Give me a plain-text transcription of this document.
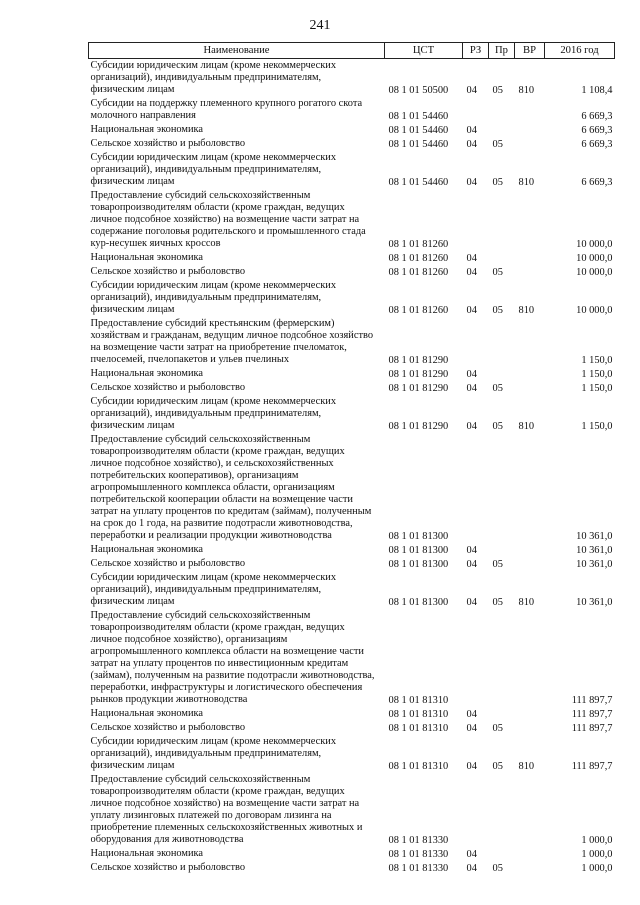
241
Наименование	ЦСТ	РЗ	Пр	ВР	2016 год
Субсидии юридическим лицам (кроме некоммерческих организаций), индивидуальным предпринимателям, физическим лицам	08 1 01 50500	04	05	810	1 108,4
Субсидии на поддержку племенного крупного рогатого скота молочного направления	08 1 01 54460				6 669,3
Национальная экономика	08 1 01 54460	04			6 669,3
Сельское хозяйство и рыболовство	08 1 01 54460	04	05		6 669,3
Субсидии юридическим лицам (кроме некоммерческих организаций), индивидуальным предпринимателям, физическим лицам	08 1 01 54460	04	05	810	6 669,3
Предоставление субсидий сельскохозяйственным товаропроизводителям области (кроме граждан, ведущих личное подсобное хозяйство) на возмещение части затрат на содержание поголовья родительского и промышленного стада кур-несушек яичных кроссов	08 1 01 81260				10 000,0
Национальная экономика	08 1 01 81260	04			10 000,0
Сельское хозяйство и рыболовство	08 1 01 81260	04	05		10 000,0
Субсидии юридическим лицам (кроме некоммерческих организаций), индивидуальным предпринимателям, физическим лицам	08 1 01 81260	04	05	810	10 000,0
Предоставление субсидий крестьянским (фермерским) хозяйствам и гражданам, ведущим личное подсобное хозяйство на возмещение части затрат на приобретение пчеломаток, пчелосемей, пчелопакетов и ульев пчелиных	08 1 01 81290				1 150,0
Национальная экономика	08 1 01 81290	04			1 150,0
Сельское хозяйство и рыболовство	08 1 01 81290	04	05		1 150,0
Субсидии юридическим лицам (кроме некоммерческих организаций), индивидуальным предпринимателям, физическим лицам	08 1 01 81290	04	05	810	1 150,0
Предоставление субсидий сельскохозяйственным товаропроизводителям области (кроме граждан, ведущих личное подсобное хозяйство), и сельскохозяйственных потребительских кооперативов), организациям агропромышленного комплекса области, организациям потребительской кооперации области на возмещение части затрат на уплату процентов по кредитам (займам), полученным на срок до 1 года, на развитие подотрасли животноводства, переработки и реализации продукции животноводства	08 1 01 81300				10 361,0
Национальная экономика	08 1 01 81300	04			10 361,0
Сельское хозяйство и рыболовство	08 1 01 81300	04	05		10 361,0
Субсидии юридическим лицам (кроме некоммерческих организаций), индивидуальным предпринимателям, физическим лицам	08 1 01 81300	04	05	810	10 361,0
Предоставление субсидий сельскохозяйственным товаропроизводителям области (кроме граждан, ведущих личное подсобное хозяйство), организациям агропромышленного комплекса области на возмещение части затрат на уплату процентов по инвестиционным кредитам (займам), полученным на развитие подотрасли животноводства, переработки, инфраструктуры и логистического обеспечения рынков продукции животноводства	08 1 01 81310				111 897,7
Национальная экономика	08 1 01 81310	04			111 897,7
Сельское хозяйство и рыболовство	08 1 01 81310	04	05		111 897,7
Субсидии юридическим лицам (кроме некоммерческих организаций), индивидуальным предпринимателям, физическим лицам	08 1 01 81310	04	05	810	111 897,7
Предоставление субсидий сельскохозяйственным товаропроизводителям области (кроме граждан, ведущих личное подсобное хозяйство) на возмещение части затрат на уплату лизинговых платежей по договорам лизинга на приобретение племенных сельскохозяйственных животных и оборудования для животноводства	08 1 01 81330				1 000,0
Национальная экономика	08 1 01 81330	04			1 000,0
Сельское хозяйство и рыболовство	08 1 01 81330	04	05		1 000,0
